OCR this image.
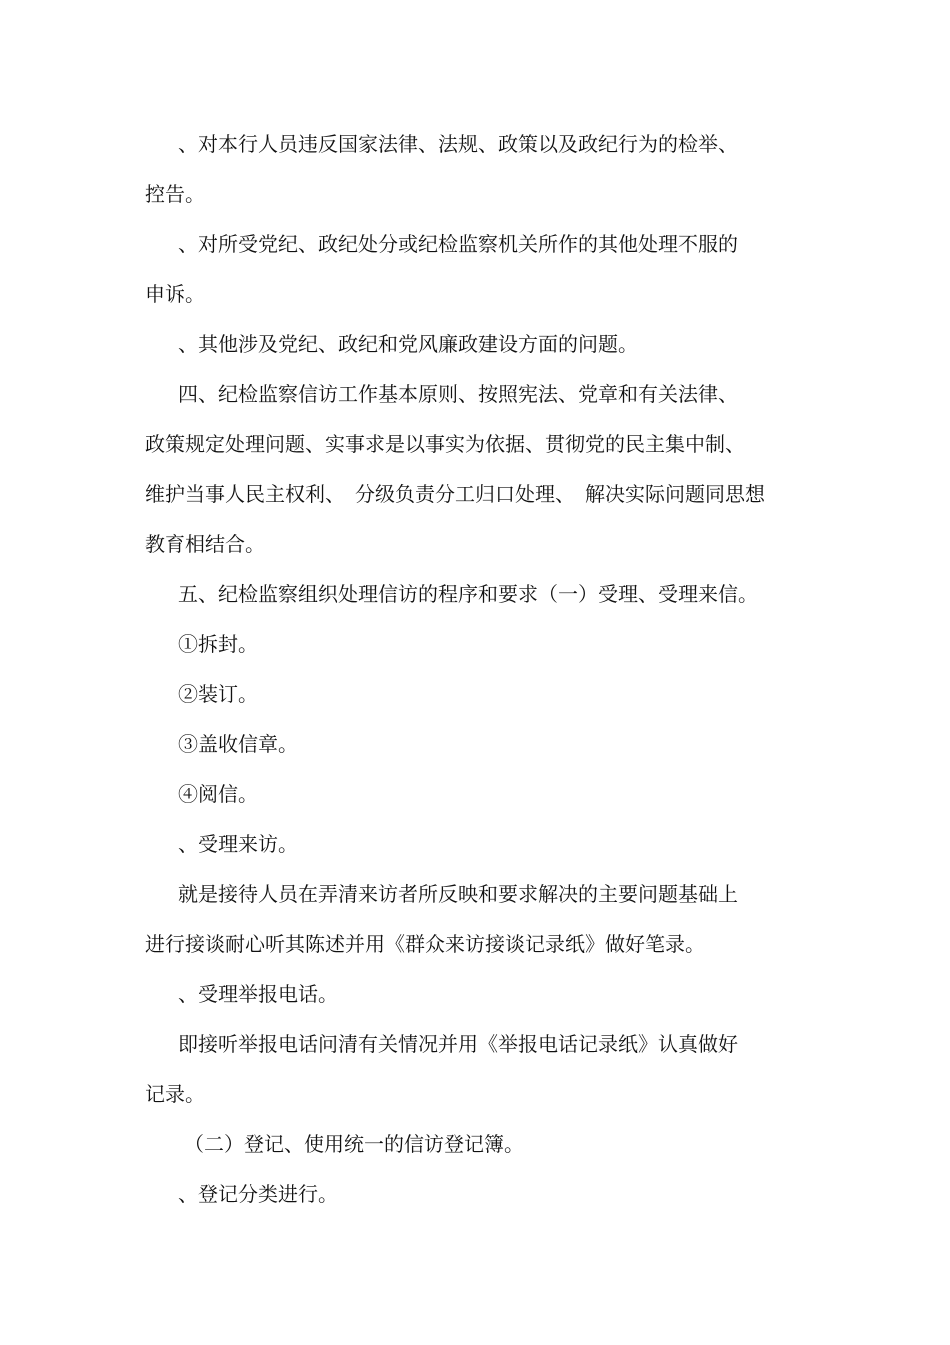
、对本行人员违反国家法律、法规、政策以及政纪行为的检举、
控告。
、对所受党纪、政纪处分或纪检监察机关所作的其他处理不服的
申诉。
、其他涉及党纪、政纪和党风廉政建设方面的问题。
四、纪检监察信访工作基本原则、按照宪法、党章和有关法律、
政策规定处理问题、实事求是以事实为依据、贯彻党的民主集中制、
维护当事人民主权利、　分级负责分工归口处理、　解决实际问题同思想
教育相结合。
五、纪检监察组织处理信访的程序和要求（一）受理、受理来信。
①拆封。
②装订。
③盖收信章。
④阅信。
、受理来访。
就是接待人员在弄清来访者所反映和要求解决的主要问题基础上
进行接谈耐心听其陈述并用《群众来访接谈记录纸》做好笔录。
、受理举报电话。
即接听举报电话问清有关情况并用《举报电话记录纸》认真做好
记录。
（二）登记、使用统一的信访登记簿。
、登记分类进行。
